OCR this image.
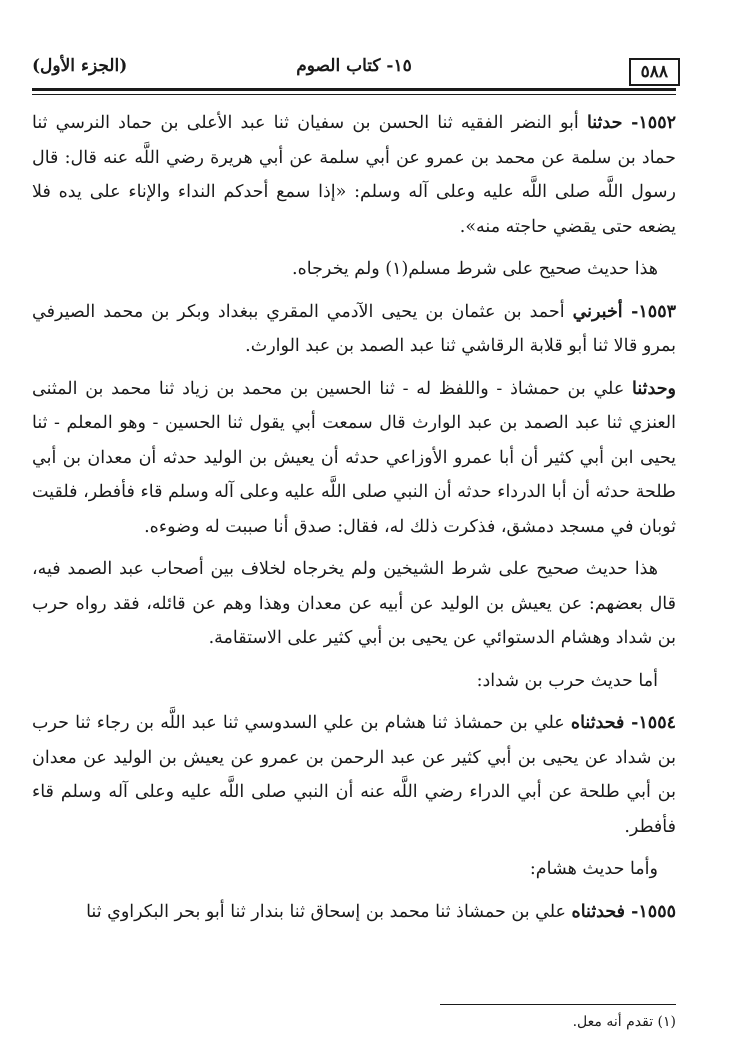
(الجزء الأول)	١٥- كتاب الصوم	٥٨٨

١٥٥٢- حدثنا أبو النضر الفقيه ثنا الحسن بن سفيان ثنا عبد الأعلى بن حماد النرسي ثنا حماد بن سلمة عن محمد بن عمرو عن أبي سلمة عن أبي هريرة رضي اللَّه عنه قال: قال رسول اللَّه صلى اللَّه عليه وعلى آله وسلم: «إذا سمع أحدكم النداء والإناء على يده فلا يضعه حتى يقضي حاجته منه».

هذا حديث صحيح على شرط مسلم(١) ولم يخرجاه.

١٥٥٣- أخبرني أحمد بن عثمان بن يحيى الآدمي المقري ببغداد وبكر بن محمد الصيرفي بمرو قالا ثنا أبو قلابة الرقاشي ثنا عبد الصمد بن عبد الوارث.

وحدثنا علي بن حمشاذ - واللفظ له - ثنا الحسين بن محمد بن زياد ثنا محمد بن المثنى العنزي ثنا عبد الصمد بن عبد الوارث قال سمعت أبي يقول ثنا الحسين - وهو المعلم - ثنا يحيى ابن أبي كثير أن أبا عمرو الأوزاعي حدثه أن يعيش بن الوليد حدثه أن معدان بن أبي طلحة حدثه أن أبا الدرداء حدثه أن النبي صلى اللَّه عليه وعلى آله وسلم قاء فأفطر، فلقيت ثوبان في مسجد دمشق، فذكرت ذلك له، فقال: صدق أنا صببت له وضوءه.

هذا حديث صحيح على شرط الشيخين ولم يخرجاه لخلاف بين أصحاب عبد الصمد فيه، قال بعضهم: عن يعيش بن الوليد عن أبيه عن معدان وهذا وهم عن قائله، فقد رواه حرب بن شداد وهشام الدستوائي عن يحيى بن أبي كثير على الاستقامة.

أما حديث حرب بن شداد:

١٥٥٤- فحدثناه علي بن حمشاذ ثنا هشام بن علي السدوسي ثنا عبد اللَّه بن رجاء ثنا حرب بن شداد عن يحيى بن أبي كثير عن عبد الرحمن بن عمرو عن يعيش بن الوليد عن معدان بن أبي طلحة عن أبي الدراء رضي اللَّه عنه أن النبي صلى اللَّه عليه وعلى آله وسلم قاء فأفطر.

وأما حديث هشام:

١٥٥٥- فحدثناه علي بن حمشاذ ثنا محمد بن إسحاق ثنا بندار ثنا أبو بحر البكراوي ثنا

(١) تقدم أنه معل.
